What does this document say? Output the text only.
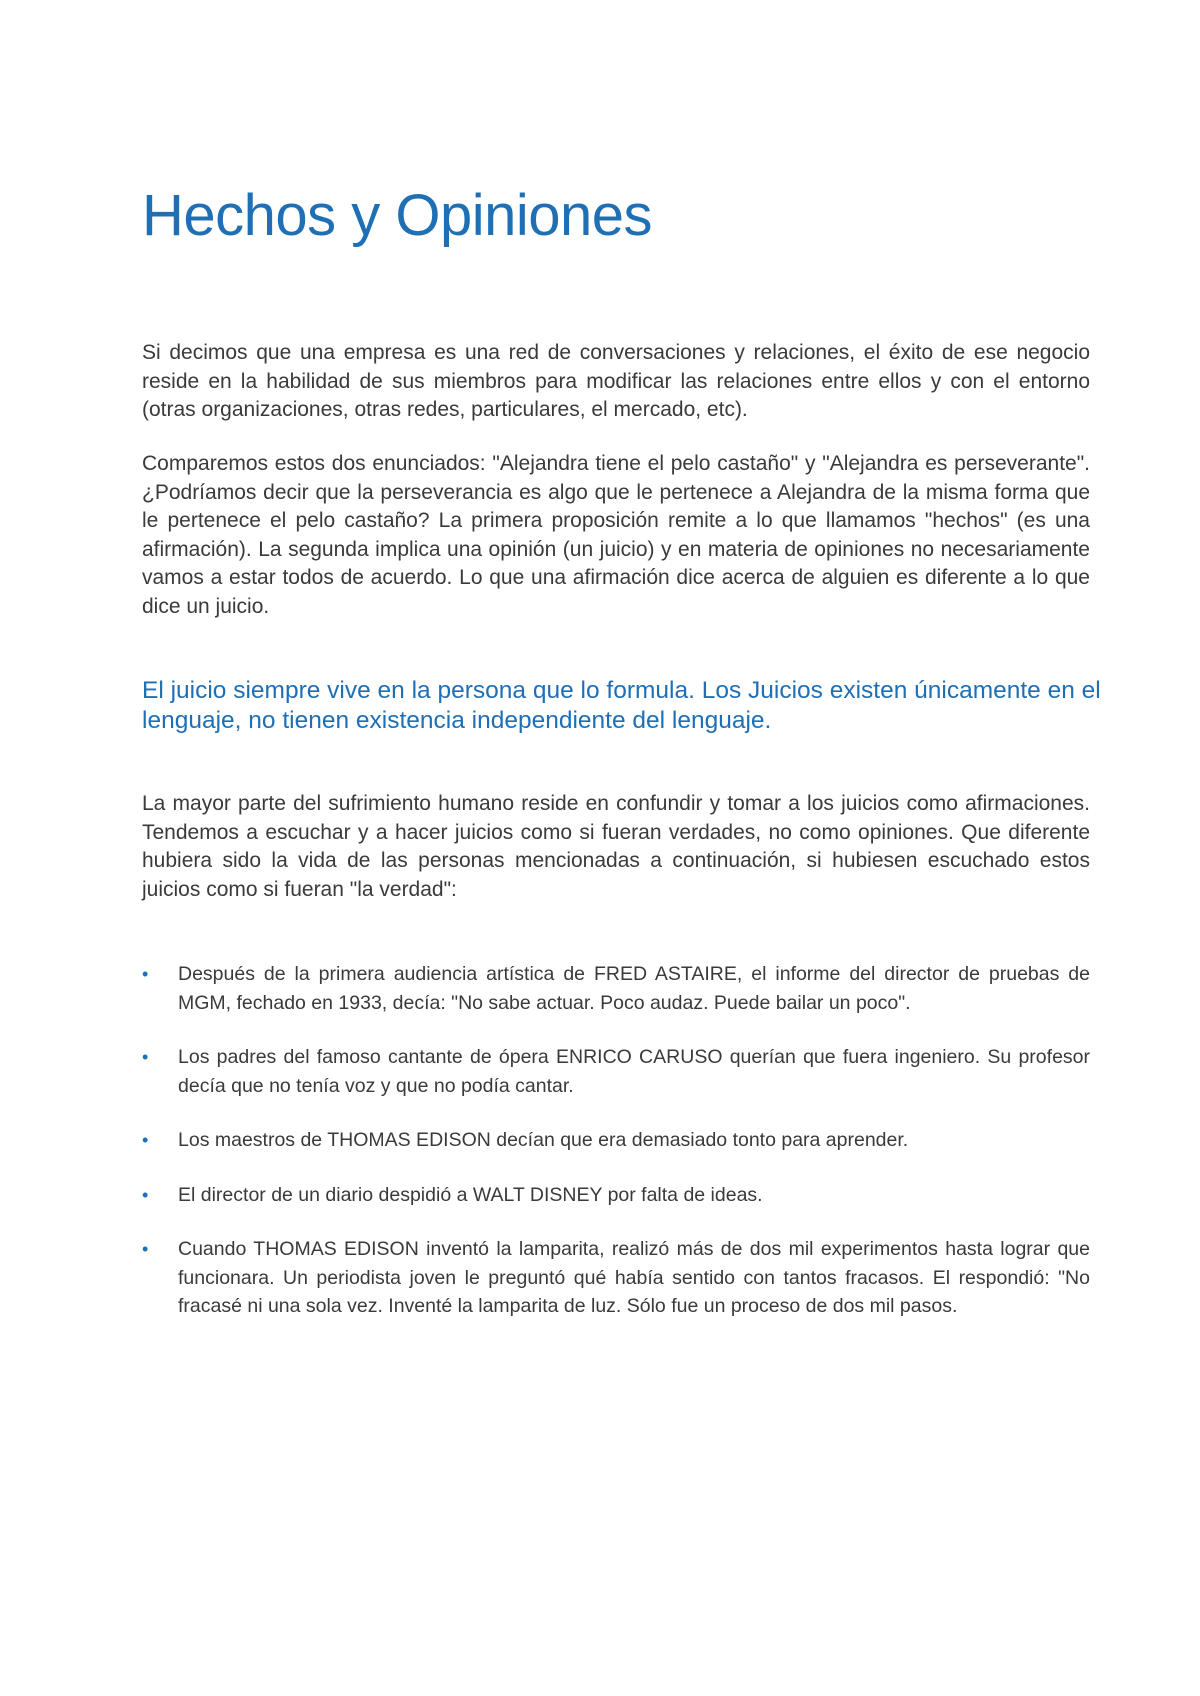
Hechos y Opiniones

Si decimos que una empresa es una red de conversaciones y relaciones, el éxito de ese negocio reside en la habilidad de sus miembros para modificar las relaciones entre ellos y con el entorno (otras organizaciones, otras redes, particulares, el mercado, etc).

Comparemos estos dos enunciados: "Alejandra tiene el pelo castaño" y "Alejandra es perseverante". ¿Podríamos decir que la perseverancia es algo que le pertenece a Alejandra de la misma forma que le pertenece el pelo castaño? La primera proposición remite a lo que llamamos "hechos" (es una afirmación). La segunda implica una opinión (un juicio) y en materia de opiniones no necesariamente vamos a estar todos de acuerdo. Lo que una afirmación dice acerca de alguien es diferente a lo que dice un juicio.

El juicio siempre vive en la persona que lo formula. Los Juicios existen únicamente en el lenguaje, no tienen existencia independiente del lenguaje.

La mayor parte del sufrimiento humano reside en confundir y tomar a los juicios como afirmaciones. Tendemos a escuchar y a hacer juicios como si fueran verdades, no como opiniones. Que diferente hubiera sido la vida de las personas mencionadas a continuación, si hubiesen escuchado estos juicios como si fueran "la verdad":

• Después de la primera audiencia artística de FRED ASTAIRE, el informe del director de pruebas de MGM, fechado en 1933, decía: "No sabe actuar. Poco audaz. Puede bailar un poco".
• Los padres del famoso cantante de ópera ENRICO CARUSO querían que fuera ingeniero. Su profesor decía que no tenía voz y que no podía cantar.
• Los maestros de THOMAS EDISON decían que era demasiado tonto para aprender.
• El director de un diario despidió a WALT DISNEY por falta de ideas.
• Cuando THOMAS EDISON inventó la lamparita, realizó más de dos mil experimentos hasta lograr que funcionara. Un periodista joven le preguntó qué había sentido con tantos fracasos. El respondió: "No fracasé ni una sola vez. Inventé la lamparita de luz. Sólo fue un proceso de dos mil pasos.
